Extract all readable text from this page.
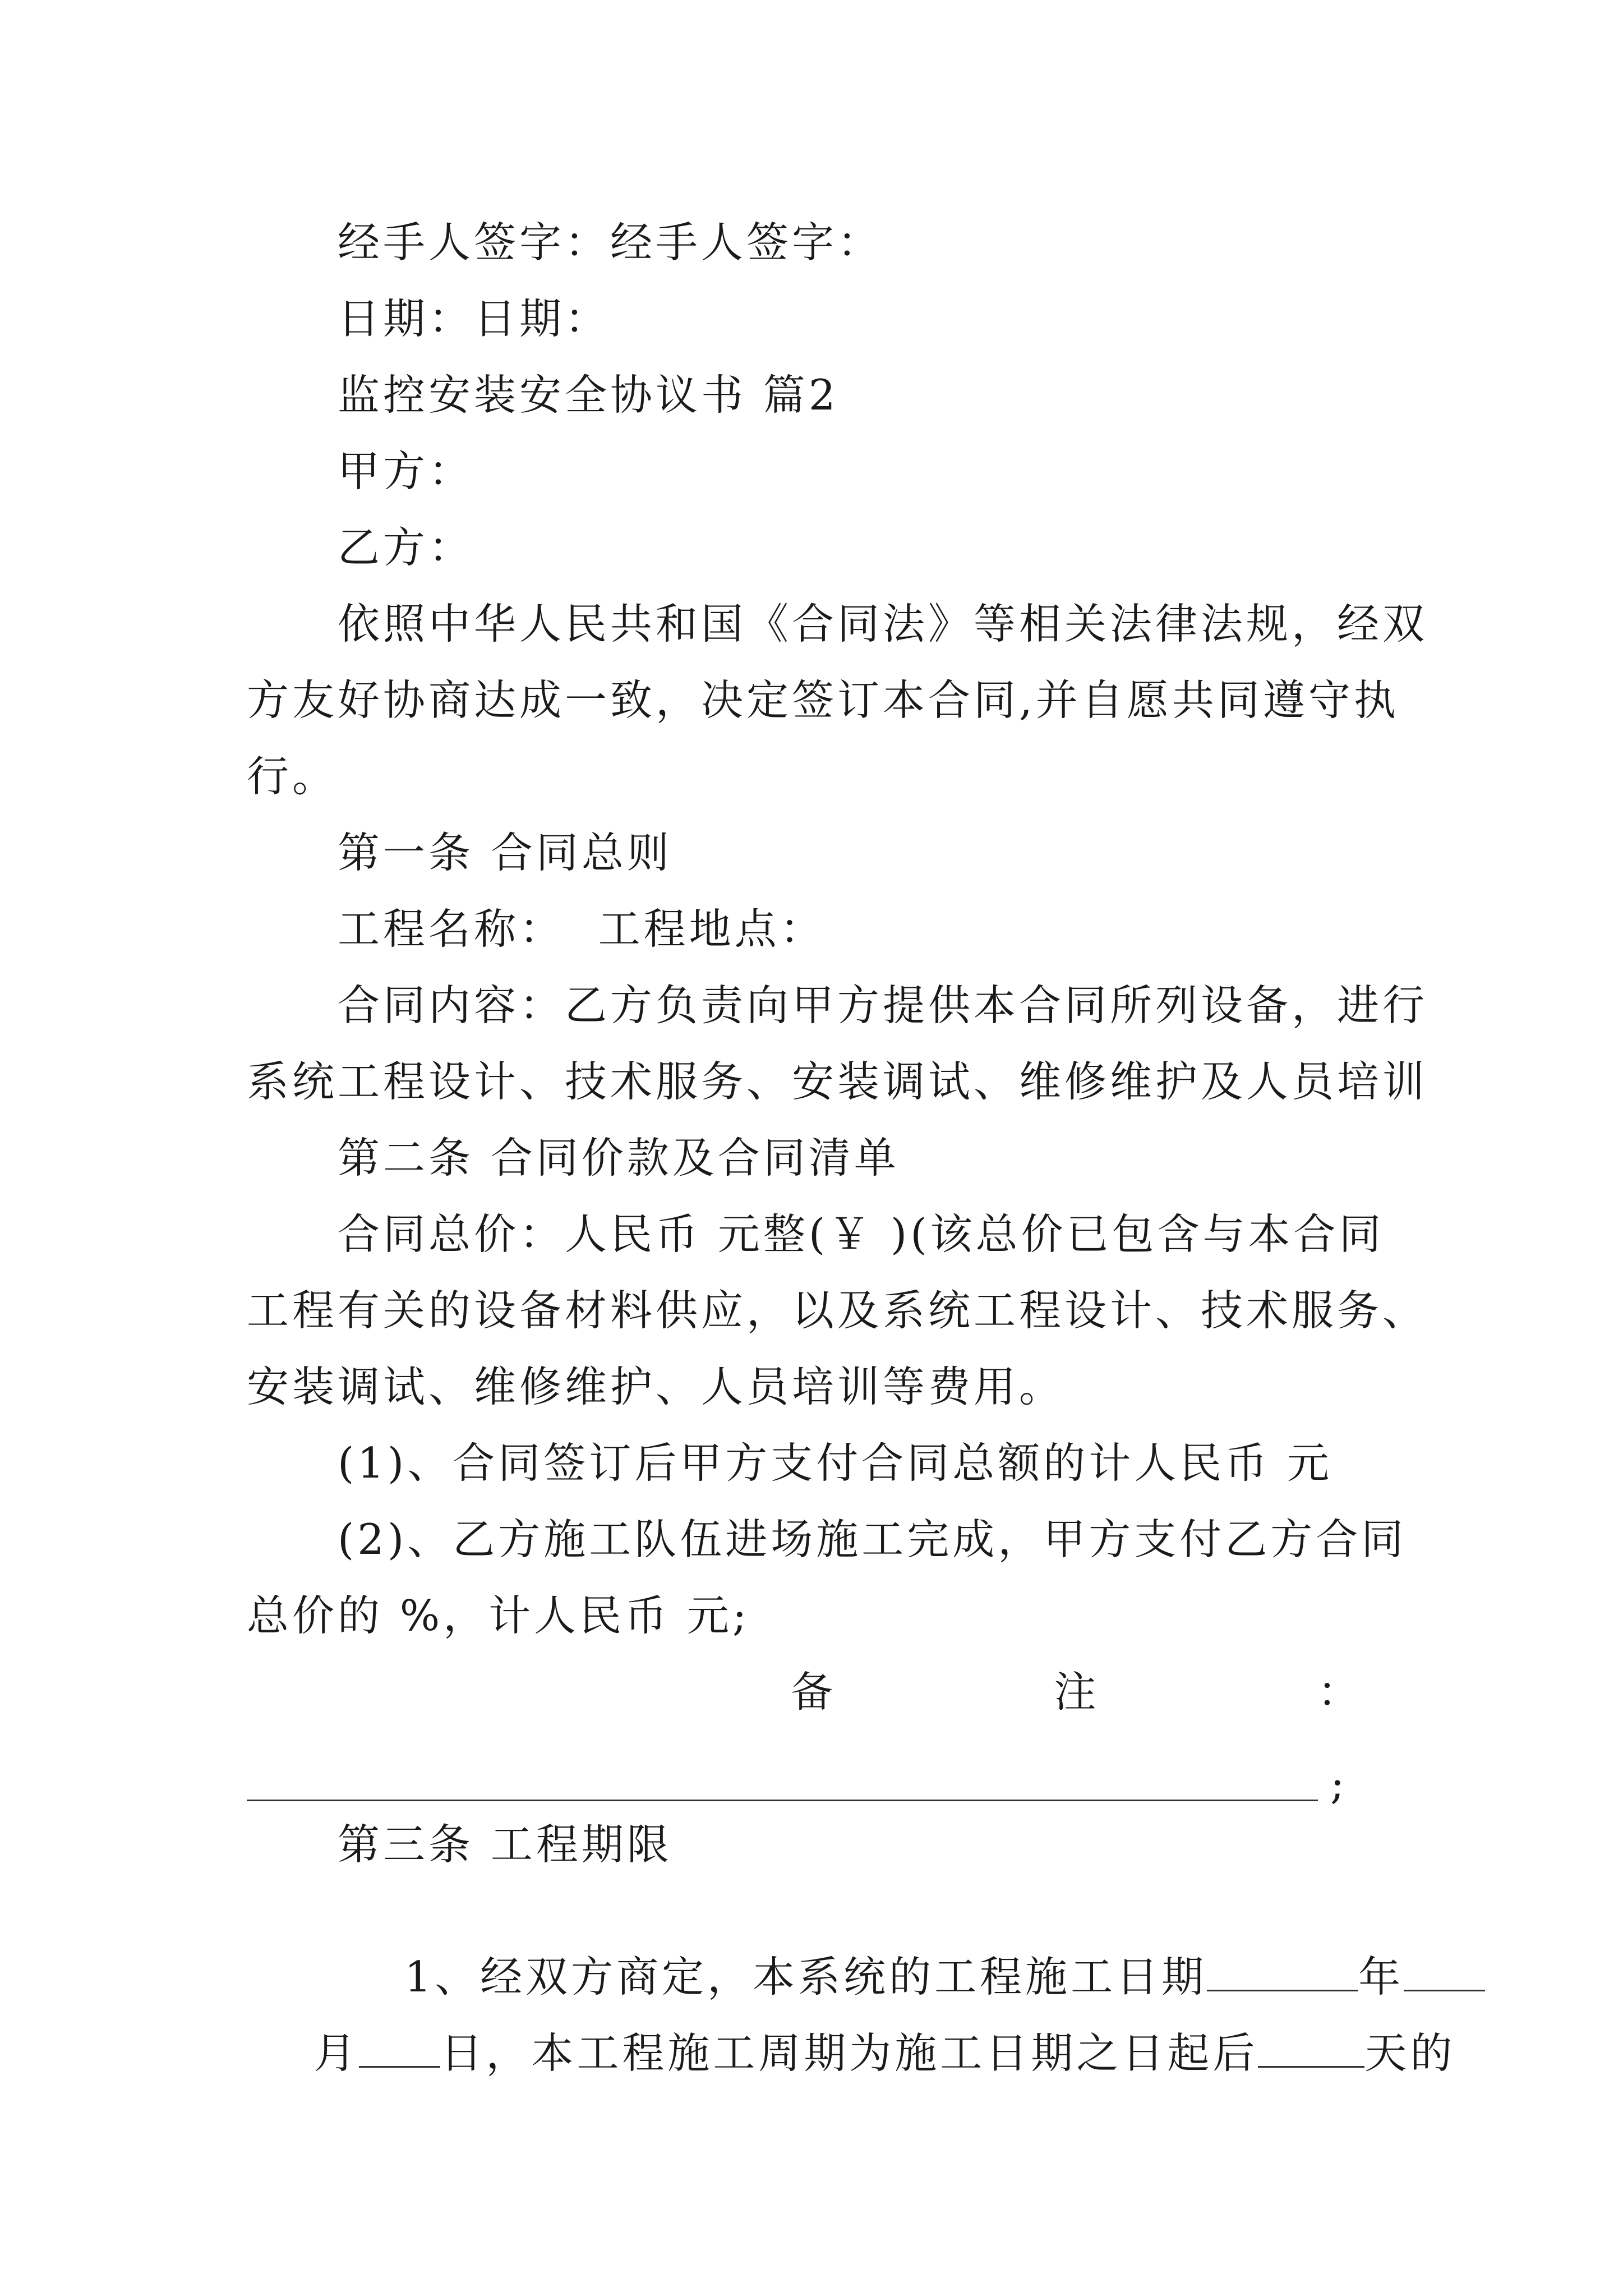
经手人签字：经手人签字：
日期：日期：
监控安装安全协议书 篇2
甲方：
乙方：
依照中华人民共和国《合同法》等相关法律法规，经双
方友好协商达成一致，决定签订本合同,并自愿共同遵守执
行。
第一条 合同总则
工程名称：  工程地点：
合同内容：乙方负责向甲方提供本合同所列设备，进行
系统工程设计、技术服务、安装调试、维修维护及人员培训
第二条 合同价款及合同清单
合同总价：人民币 元整(￥ )(该总价已包含与本合同
工程有关的设备材料供应，以及系统工程设计、技术服务、
安装调试、维修维护、人员培训等费用。
(1)、合同签订后甲方支付合同总额的计人民币 元
(2)、乙方施工队伍进场施工完成，甲方支付乙方合同
总价的 %，计人民币 元;
备	注	：
;
第三条 工程期限

1、经双方商定，本系统的工程施工日期	年

月 日，本工程施工周期为施工日期之日起后	天的
